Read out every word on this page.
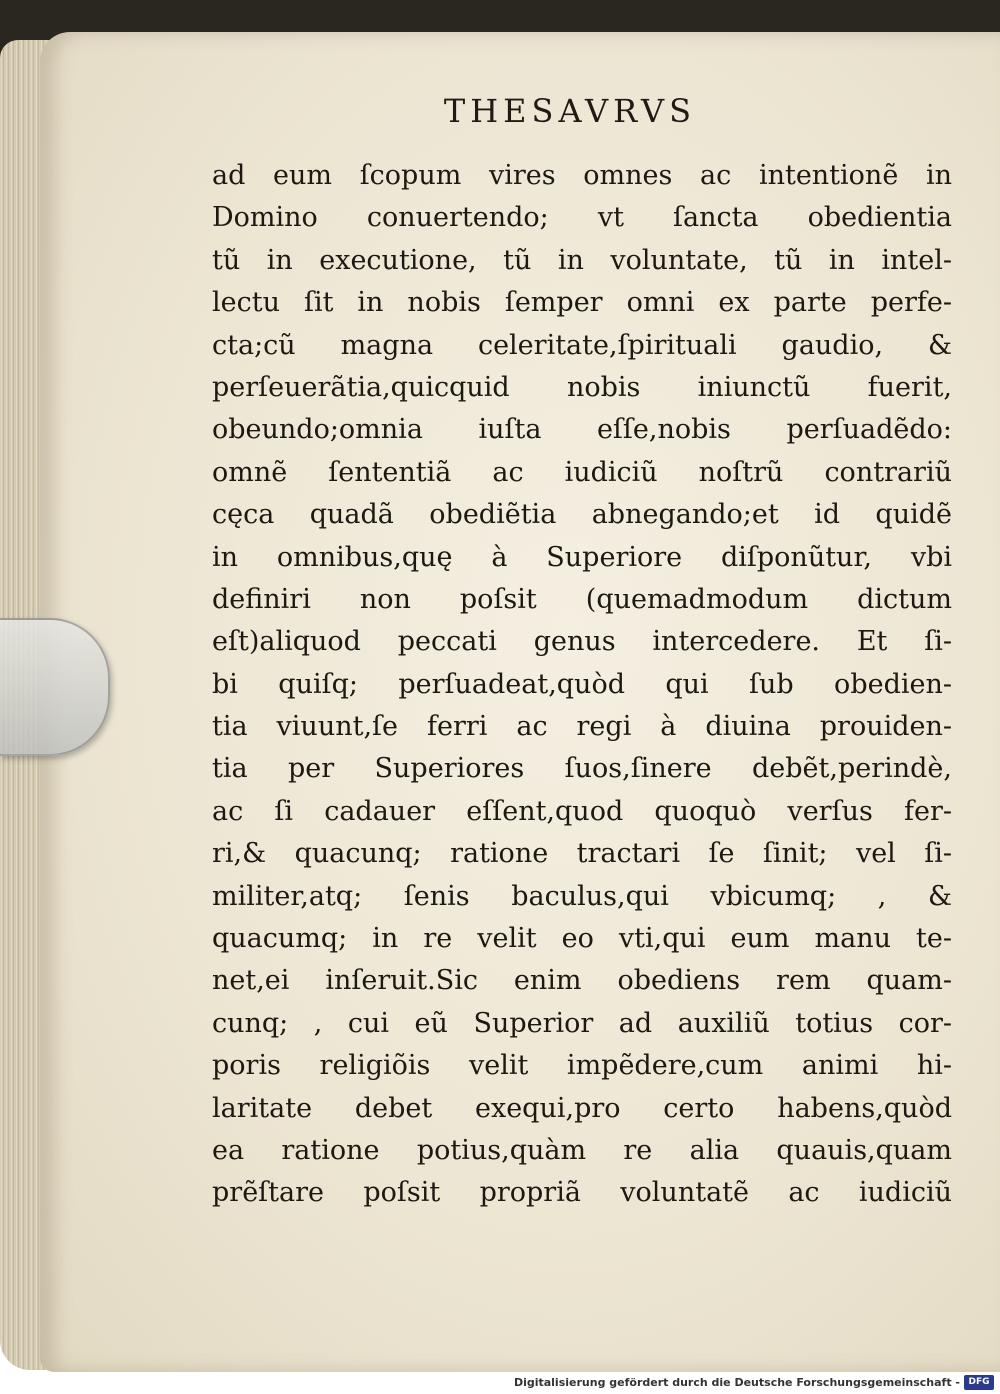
THESAVRVS
ad eum ſcopum vires omnes ac intentionẽ in
Domino conuertendo; vt ſancta obedientia
tũ in executione, tũ in voluntate, tũ in intel-
lectu ſit in nobis ſemper omni ex parte perfe-
cta;cũ magna celeritate,ſpirituali gaudio, &
perſeuerãtia,quicquid nobis iniunctũ fuerit,
obeundo;omnia iuſta eſſe,nobis perſuadẽdo:
omnẽ ſententiã ac iudiciũ noſtrũ contrariũ
cęca quadã obediẽtia abnegando;et id quidẽ
in omnibus,quę à Superiore diſponũtur, vbi
definiri non poſsit (quemadmodum dictum
eſt)aliquod peccati genus intercedere. Et ſi-
bi quiſq; perſuadeat,quòd qui ſub obedien-
tia viuunt,ſe ferri ac regi à diuina prouiden-
tia per Superiores ſuos,ſinere debẽt,perindè,
ac ſi cadauer eſſent,quod quoquò verſus fer-
ri,& quacunq; ratione tractari ſe ſinit; vel ſi-
militer,atq; ſenis baculus,qui vbicumq; , &
quacumq; in re velit eo vti,qui eum manu te-
net,ei inſeruit.Sic enim obediens rem quam-
cunq; , cui eũ Superior ad auxiliũ totius cor-
poris religiõis velit impẽdere,cum animi hi-
laritate debet exequi,pro certo habens,quòd
ea ratione potius,quàm re alia quauis,quam
prẽſtare poſsit propriã voluntatẽ ac iudiciũ
Digitalisierung gefördert durch die Deutsche Forschungsgemeinschaft - DFG
